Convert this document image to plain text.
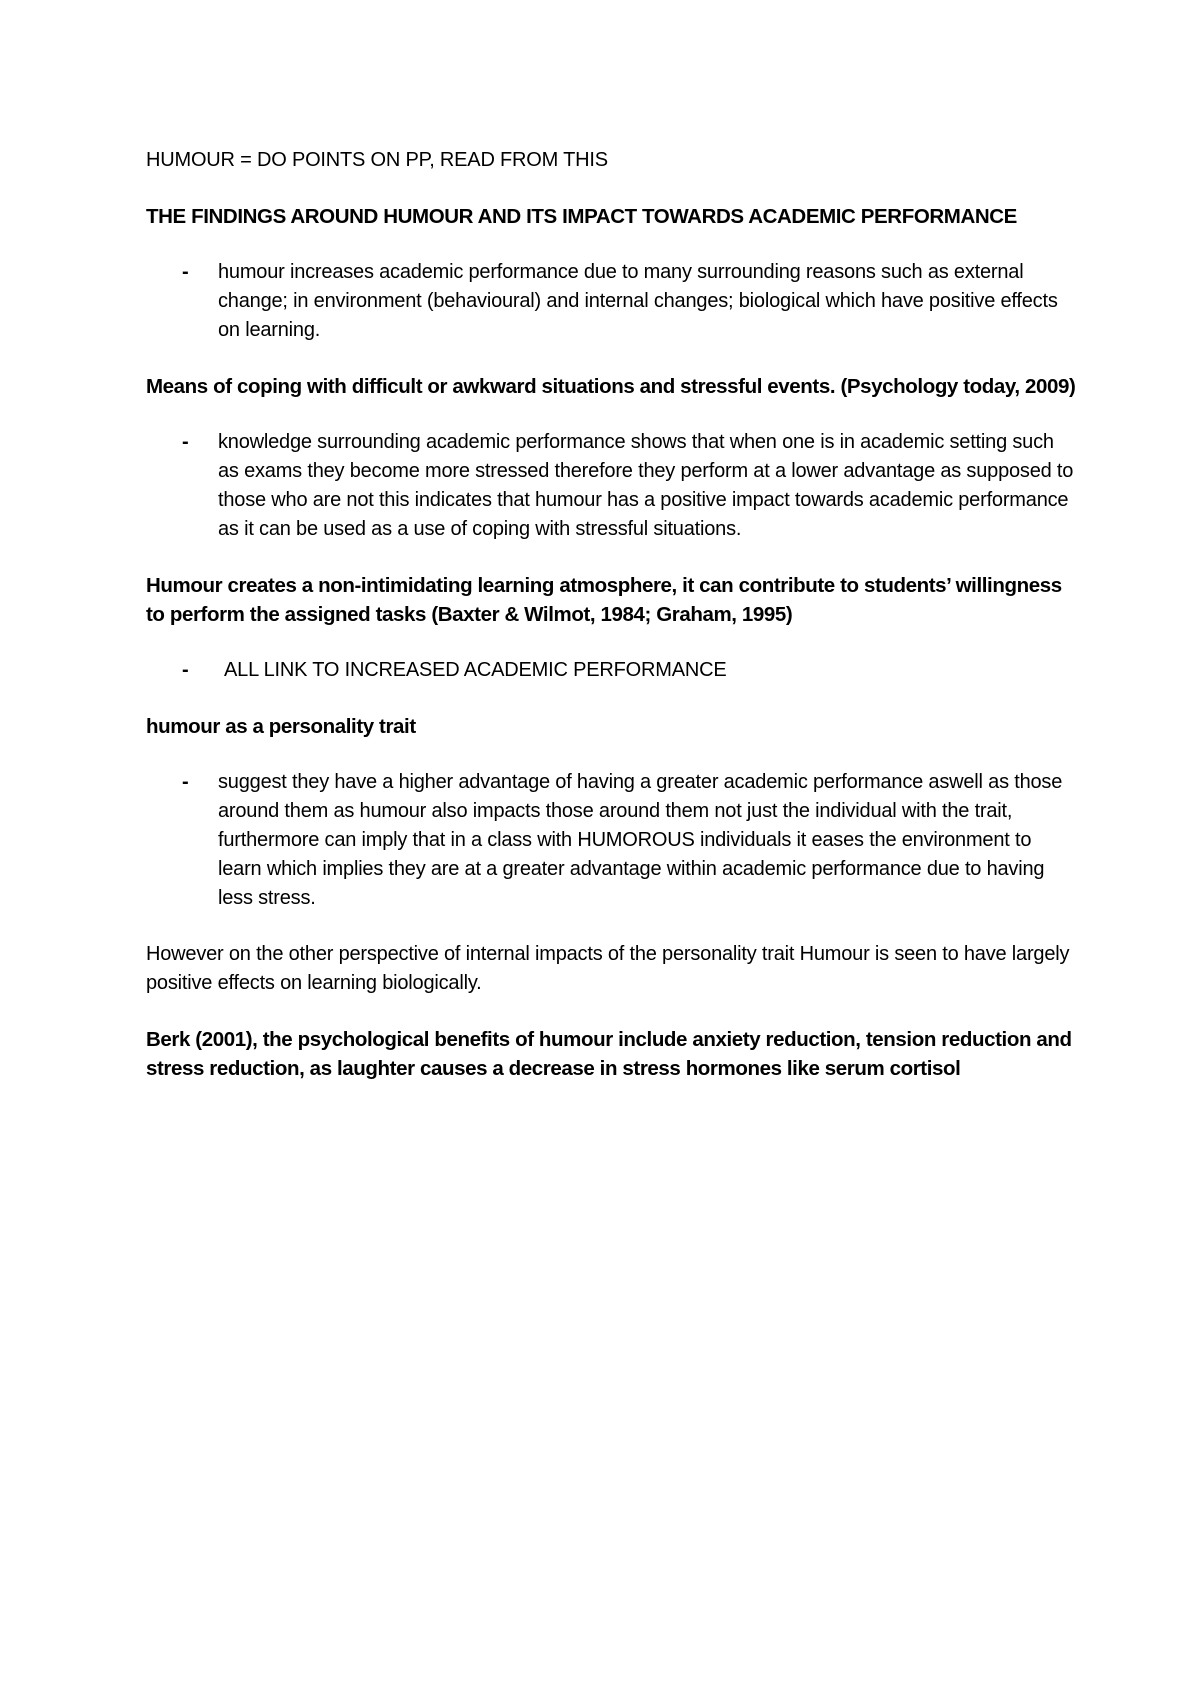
HUMOUR = DO POINTS ON PP, READ FROM THIS

THE FINDINGS AROUND HUMOUR AND ITS IMPACT TOWARDS ACADEMIC PERFORMANCE

- humour increases academic performance due to many surrounding reasons such as external change; in environment (behavioural) and internal changes; biological which have positive effects on learning.

Means of coping with difficult or awkward situations and stressful events. (Psychology today, 2009)

- knowledge surrounding academic performance shows that when one is in academic setting such as exams they become more stressed therefore they perform at a lower advantage as supposed to those who are not this indicates that humour has a positive impact towards academic performance as it can be used as a use of coping with stressful situations.

Humour creates a non-intimidating learning atmosphere, it can contribute to students’ willingness to perform the assigned tasks (Baxter & Wilmot, 1984; Graham, 1995)

-	ALL LINK TO INCREASED ACADEMIC PERFORMANCE

humour as a personality trait

- suggest they have a higher advantage of having a greater academic performance aswell as those around them as humour also impacts those around them not just the individual with the trait, furthermore can imply that in a class with HUMOROUS individuals it eases the environment to learn which implies they are at a greater advantage within academic performance due to having less stress.

However on the other perspective of internal impacts of the personality trait Humour is seen to have largely positive effects on learning biologically.

Berk (2001), the psychological benefits of humour include anxiety reduction, tension reduction and stress reduction, as laughter causes a decrease in stress hormones like serum cortisol
